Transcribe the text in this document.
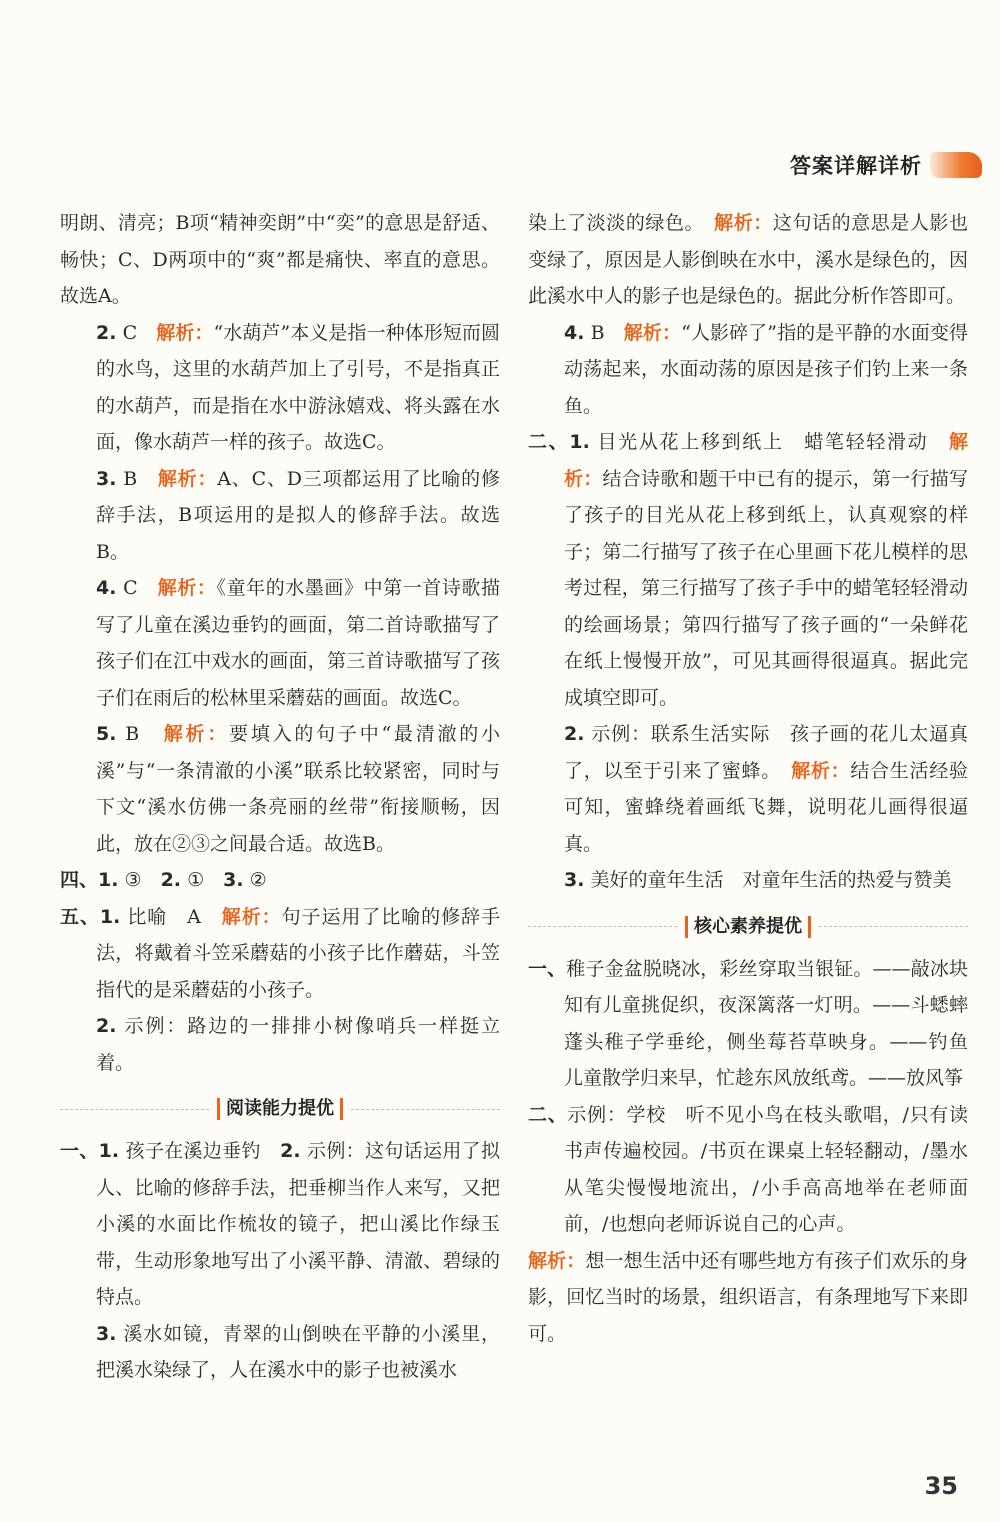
答案详解详析

明朗、清亮；B项“精神奕朗”中“奕”的意思是舒适、畅快；C、D两项中的“爽”都是痛快、率直的意思。故选A。

2. C　 解析：“水葫芦”本义是指一种体形短而圆的水鸟，这里的水葫芦加上了引号，不是指真正的水葫芦，而是指在水中游泳嬉戏、将头露在水面，像水葫芦一样的孩子。故选C。

3. B　 解析：A、C、D三项都运用了比喻的修辞手法，B项运用的是拟人的修辞手法。故选B。

4. C　 解析：《童年的水墨画》中第一首诗歌描写了儿童在溪边垂钓的画面，第二首诗歌描写了孩子们在江中戏水的画面，第三首诗歌描写了孩子们在雨后的松林里采蘑菇的画面。故选C。

5. B　 解析：要填入的句子中“最清澈的小溪”与“一条清澈的小溪”联系比较紧密，同时与下文“溪水仿佛一条亮丽的丝带”衔接顺畅，因此，放在②③之间最合适。故选B。

四、1. ③　 2. ①　 3. ②

五、1. 比喻　A　 解析：句子运用了比喻的修辞手法，将戴着斗笠采蘑菇的小孩子比作蘑菇，斗笠指代的是采蘑菇的小孩子。

2. 示例：路边的一排排小树像哨兵一样挺立着。

阅读能力提优

一、1. 孩子在溪边垂钓　 2. 示例：这句话运用了拟人、比喻的修辞手法，把垂柳当作人来写，又把小溪的水面比作梳妆的镜子，把山溪比作绿玉带，生动形象地写出了小溪平静、清澈、碧绿的特点。

3. 溪水如镜，青翠的山倒映在平静的小溪里，把溪水染绿了，人在溪水中的影子也被溪水

染上了淡淡的绿色。　 解析：这句话的意思是人影也变绿了，原因是人影倒映在水中，溪水是绿色的，因此溪水中人的影子也是绿色的。据此分析作答即可。

4. B　 解析：“人影碎了”指的是平静的水面变得动荡起来，水面动荡的原因是孩子们钓上来一条鱼。

二、1. 目光从花上移到纸上　蜡笔轻轻滑动　 解析：结合诗歌和题干中已有的提示，第一行描写了孩子的目光从花上移到纸上，认真观察的样子；第二行描写了孩子在心里画下花儿模样的思考过程，第三行描写了孩子手中的蜡笔轻轻滑动的绘画场景；第四行描写了孩子画的“一朵鲜花在纸上慢慢开放”，可见其画得很逼真。据此完成填空即可。

2. 示例：联系生活实际　孩子画的花儿太逼真了，以至于引来了蜜蜂。　 解析：结合生活经验可知，蜜蜂绕着画纸飞舞，说明花儿画得很逼真。

3. 美好的童年生活　对童年生活的热爱与赞美

核心素养提优

一、稚子金盆脱晓冰，彩丝穿取当银钲。——敲冰块　知有儿童挑促织，夜深篱落一灯明。——斗蟋蟀　蓬头稚子学垂纶，侧坐莓苔草映身。——钓鱼　儿童散学归来早，忙趁东风放纸鸢。——放风筝

二、示例：学校　听不见小鸟在枝头歌唱，/只有读书声传遍校园。/书页在课桌上轻轻翻动，/墨水从笔尖慢慢地流出，/小手高高地举在老师面前，/也想向老师诉说自己的心声。

解析：想一想生活中还有哪些地方有孩子们欢乐的身影，回忆当时的场景，组织语言，有条理地写下来即可。

35
